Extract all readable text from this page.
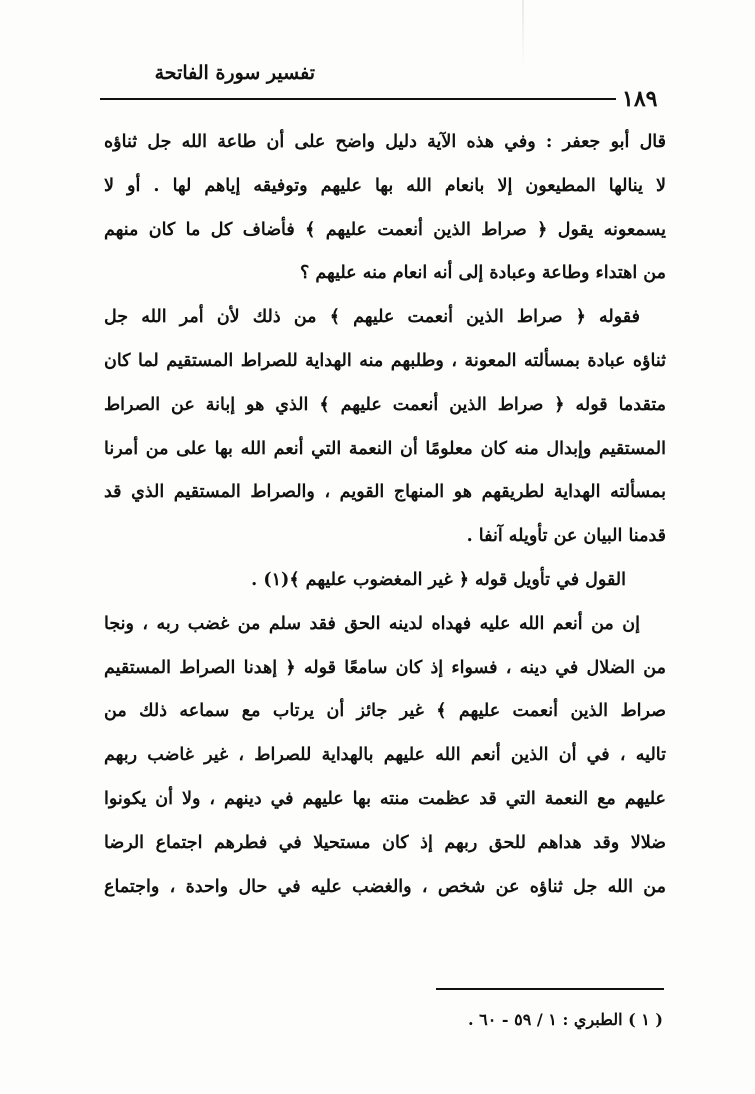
تفسير سورة الفاتحة
١٨٩
قال أبو جعفر : وفي هذه الآية دليل واضح على أن طاعة الله جل ثناؤه
لا ينالها المطيعون إلا بانعام الله بها عليهم وتوفيقه إياهم لها . أو لا
يسمعونه يقول ﴿ صراط الذين أنعمت عليهم ﴾ فأضاف كل ما كان منهم
من اهتداء وطاعة وعبادة إلى أنه انعام منه عليهم ؟
فقوله ﴿ صراط الذين أنعمت عليهم ﴾ من ذلك لأن أمر الله جل
ثناؤه عبادة بمسألته المعونة ، وطلبهم منه الهداية للصراط المستقيم لما كان
متقدما قوله ﴿ صراط الذين أنعمت عليهم ﴾ الذي هو إبانة عن الصراط
المستقيم وإبدال منه كان معلومًا أن النعمة التي أنعم الله بها على من أمرنا
بمسألته الهداية لطريقهم هو المنهاج القويم ، والصراط المستقيم الذي قد
قدمنا البيان عن تأويله آنفا .
القول في تأويل قوله ﴿ غير المغضوب عليهم ﴾(١) .
إن من أنعم الله عليه فهداه لدينه الحق فقد سلم من غضب ربه ، ونجا
من الضلال في دينه ، فسواء إذ كان سامعًا قوله ﴿ إهدنا الصراط المستقيم
صراط الذين أنعمت عليهم ﴾ غير جائز أن يرتاب مع سماعه ذلك من
تاليه ، في أن الذين أنعم الله عليهم بالهداية للصراط ، غير غاضب ربهم
عليهم مع النعمة التي قد عظمت منته بها عليهم في دينهم ، ولا أن يكونوا
ضلالا وقد هداهم للحق ربهم إذ كان مستحيلا في فطرهم اجتماع الرضا
من الله جل ثناؤه عن شخص ، والغضب عليه في حال واحدة ، واجتماع
( ١ ) الطبري : ١ / ٥٩ - ٦٠ .
